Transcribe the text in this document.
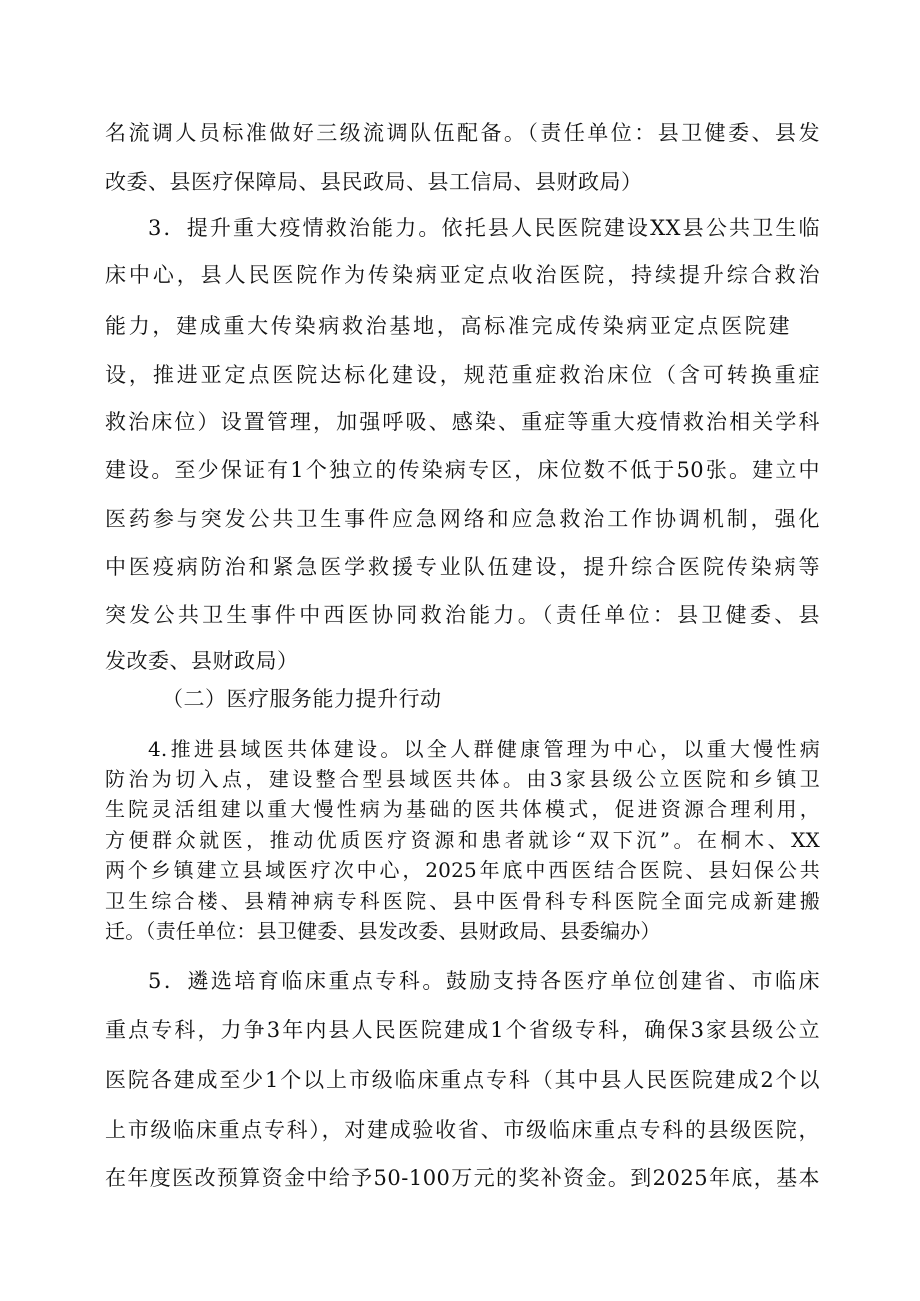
名流调人员标准做好三级流调队伍配备。（责任单位：县卫健委、县发
改委、县医疗保障局、县民政局、县工信局、县财政局）
3．提升重大疫情救治能力。依托县人民医院建设XX县公共卫生临
床中心，县人民医院作为传染病亚定点收治医院，持续提升综合救治
能力，建成重大传染病救治基地，高标准完成传染病亚定点医院建
设，推进亚定点医院达标化建设，规范重症救治床位（含可转换重症
救治床位）设置管理，加强呼吸、感染、重症等重大疫情救治相关学科
建设。至少保证有1个独立的传染病专区，床位数不低于50张。建立中
医药参与突发公共卫生事件应急网络和应急救治工作协调机制，强化
中医疫病防治和紧急医学救援专业队伍建设，提升综合医院传染病等
突发公共卫生事件中西医协同救治能力。（责任单位：县卫健委、县
发改委、县财政局）
（二）医疗服务能力提升行动
4.推进县域医共体建设。以全人群健康管理为中心，以重大慢性病
防治为切入点，建设整合型县域医共体。由3家县级公立医院和乡镇卫
生院灵活组建以重大慢性病为基础的医共体模式，促进资源合理利用，
方便群众就医，推动优质医疗资源和患者就诊“双下沉”。在桐木、XX
两个乡镇建立县域医疗次中心，2025年底中西医结合医院、县妇保公共
卫生综合楼、县精神病专科医院、县中医骨科专科医院全面完成新建搬
迁。（责任单位：县卫健委、县发改委、县财政局、县委编办）
5．遴选培育临床重点专科。鼓励支持各医疗单位创建省、市临床
重点专科，力争3年内县人民医院建成1个省级专科，确保3家县级公立
医院各建成至少1个以上市级临床重点专科（其中县人民医院建成2个以
上市级临床重点专科），对建成验收省、市级临床重点专科的县级医院，
在年度医改预算资金中给予50-100万元的奖补资金。到2025年底，基本
